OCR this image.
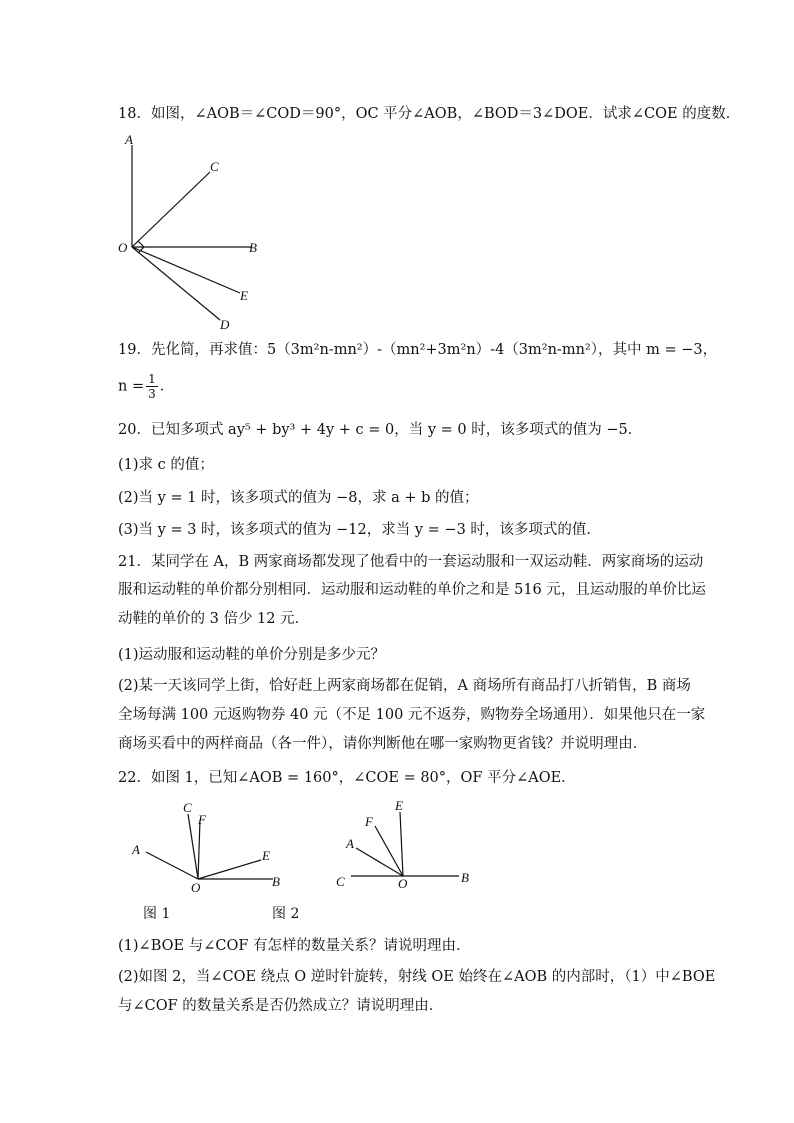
18．如图，∠AOB＝∠COD＝90°，OC 平分∠AOB，∠BOD＝3∠DOE．试求∠COE 的度数．
A
C
O	B
E
D
19．先化简，再求值：5（3m²n-mn²）-（mn²+3m²n）-4（3m²n-mn²），其中 m = −3，
$n = \frac{1}{3}$ ．
20．已知多项式 ay⁵ + by³ + 4y + c = 0，当 y = 0 时，该多项式的值为 −5．
(1)求 c 的值；
(2)当 y = 1 时，该多项式的值为 −8，求 a + b 的值；
(3)当 y = 3 时，该多项式的值为 −12，求当 y = −3 时，该多项式的值．
21．某同学在 A，B 两家商场都发现了他看中的一套运动服和一双运动鞋．两家商场的运动
服和运动鞋的单价都分别相同．运动服和运动鞋的单价之和是 516 元，且运动服的单价比运
动鞋的单价的 3 倍少 12 元．
(1)运动服和运动鞋的单价分别是多少元？
(2)某一天该同学上街，恰好赶上两家商场都在促销，A 商场所有商品打八折销售，B 商场
全场每满 100 元返购物券 40 元（不足 100 元不返券，购物券全场通用）．如果他只在一家
商场买看中的两样商品（各一件），请你判断他在哪一家购物更省钱？并说明理由．
22．如图 1，已知∠AOB = 160°，∠COE = 80°，OF 平分∠AOE．
C
F
A	E
O	B
E
F
A
C	O	B
图 1	图 2
(1)∠BOE 与∠COF 有怎样的数量关系？请说明理由．
(2)如图 2，当∠COE 绕点 O 逆时针旋转，射线 OE 始终在∠AOB 的内部时，（1）中∠BOE
与∠COF 的数量关系是否仍然成立？请说明理由．
